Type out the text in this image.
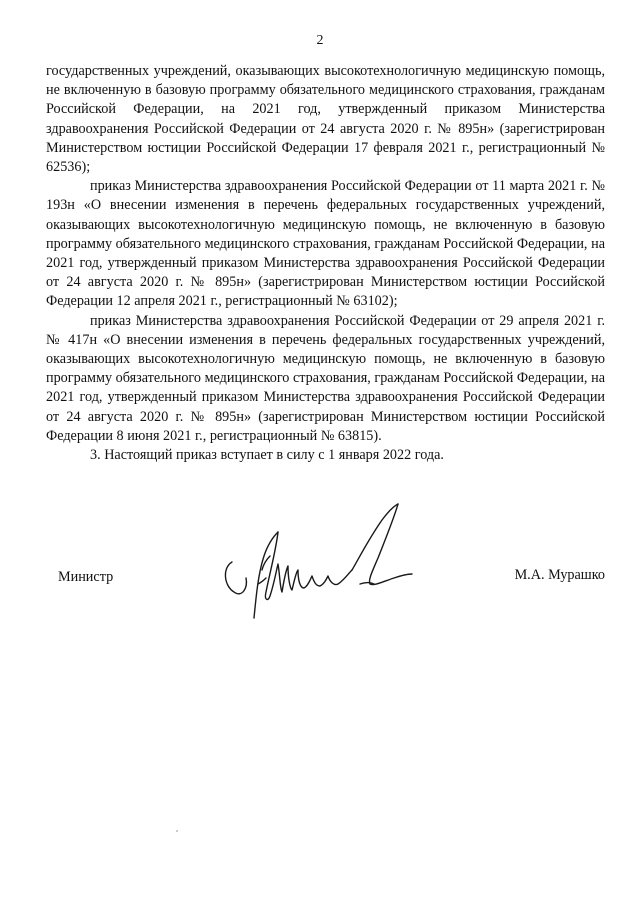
2

государственных учреждений, оказывающих высокотехнологичную медицинскую помощь, не включенную в базовую программу обязательного медицинского страхования, гражданам Российской Федерации, на 2021 год, утвержденный приказом Министерства здравоохранения Российской Федерации от 24 августа 2020 г. № 895н» (зарегистрирован Министерством юстиции Российской Федерации 17 февраля 2021 г., регистрационный № 62536);

приказ Министерства здравоохранения Российской Федерации от 11 марта 2021 г. № 193н «О внесении изменения в перечень федеральных государственных учреждений, оказывающих высокотехнологичную медицинскую помощь, не включенную в базовую программу обязательного медицинского страхования, гражданам Российской Федерации, на 2021 год, утвержденный приказом Министерства здравоохранения Российской Федерации от 24 августа 2020 г. № 895н» (зарегистрирован Министерством юстиции Российской Федерации 12 апреля 2021 г., регистрационный № 63102);

приказ Министерства здравоохранения Российской Федерации от 29 апреля 2021 г. № 417н «О внесении изменения в перечень федеральных государственных учреждений, оказывающих высокотехнологичную медицинскую помощь, не включенную в базовую программу обязательного медицинского страхования, гражданам Российской Федерации, на 2021 год, утвержденный приказом Министерства здравоохранения Российской Федерации от 24 августа 2020 г. № 895н» (зарегистрирован Министерством юстиции Российской Федерации 8 июня 2021 г., регистрационный № 63815).

3. Настоящий приказ вступает в силу с 1 января 2022 года.

Министр	М.А. Мурашко
